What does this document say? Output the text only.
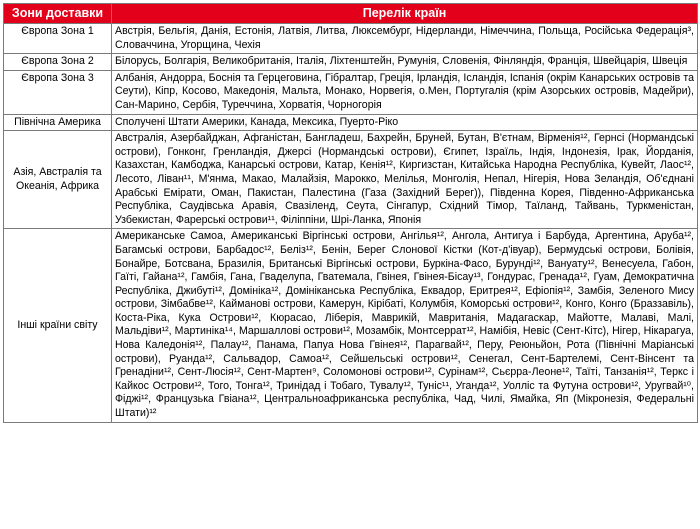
Зони доставки	Перелік країн
Європа Зона 1	Австрія, Бельгія, Данія, Естонія, Латвія, Литва, Люксембург, Нідерланди, Німеччина, Польща, Російська Федерація³, Словаччина, Угорщина, Чехія
Європа Зона 2	Білорусь, Болгарія, Великобританія, Італія, Ліхтенштейн, Румунія, Словенія, Фінляндія, Франція, Швейцарія, Швеція
Європа Зона 3	Албанія, Андорра, Боснія та Герцеговина, Гібралтар, Греція, Ірландія, Ісландія, Іспанія (окрім Канарських островів та Сеути), Кіпр, Косово, Македонія, Мальта, Монако, Норвегія, о.Мен, Португалія (крім Азорських островів, Мадейри), Сан-Марино, Сербія, Туреччина, Хорватія, Чорногорія
Північна Америка	Сполучені Штати Америки, Канада, Мексика, Пуерто-Ріко
Азія, Австралія та Океанія, Африка	Австралія, Азербайджан, Афганістан, Бангладеш, Бахрейн, Бруней, Бутан, В'єтнам, Вірменія¹², Гернсі (Нормандські острови), Гонконг, Гренландія, Джерсі (Нормандські острови), Єгипет, Ізраїль, Індія, Індонезія, Ірак, Йорданія, Казахстан, Камбоджа, Канарські острови, Катар, Кенія¹², Киргизстан, Китайська Народна Республіка, Кувейт, Лаос¹², Лесото, Ліван¹¹, М'янма, Макао, Малайзія, Марокко, Мелілья, Монголія, Непал, Нігерія, Нова Зеландія, Об'єднані Арабські Емірати, Оман, Пакистан, Палестина (Газа (Західний Берег)), Південна Корея, Південно-Африканська Республіка, Саудівська Аравія, Свазіленд, Сеута, Сінгапур, Східний Тімор, Таїланд, Тайвань, Туркменістан, Узбекистан, Фарерські острови¹¹, Філіппіни, Шрі-Ланка, Японія
Інші країни світу	Американське Самоа, Американські Віргінські острови, Ангілья¹², Ангола, Антигуа і Барбуда, Аргентина, Аруба¹², Багамські острови, Барбадос¹², Беліз¹², Бенін, Берег Слонової Кістки (Кот-д'івуар), Бермудські острови, Болівія, Бонайре, Ботсвана, Бразилія, Британські Віргінські острови, Буркіна-Фасо, Бурунді¹², Вануату¹², Венесуела, Габон, Гаїті, Гайана¹², Гамбія, Гана, Гваделупа, Гватемала, Гвінея, Гвінея-Бісау¹³, Гондурас, Гренада¹², Гуам, Демократична Республіка, Джибуті¹², Домініка¹², Домініканська Республіка, Еквадор, Еритрея¹², Ефіопія¹², Замбія, Зеленого Мису острови, Зімбабве¹², Кайманові острови, Камерун, Кірібаті, Колумбія, Коморські острови¹², Конго, Конго (Браззавіль), Коста-Ріка, Кука Острови¹², Кюрасао, Ліберія, Маврикій, Мавританія, Мадагаскар, Майотте, Малаві, Малі, Мальдіви¹², Мартиніка¹⁴, Маршаллові острови¹², Мозамбік, Монтсеррат¹², Намібія, Невіс (Сент-Кітс), Нігер, Нікарагуа, Нова Каледонія¹², Палау¹², Панама, Папуа Нова Гвінея¹², Парагвай¹², Перу, Реюньйон, Рота (Північні Маріанські острови), Руанда¹², Сальвадор, Самоа¹², Сейшельські острови¹², Сенегал, Сент-Бартелемі, Сент-Вінсент та Гренадіни¹², Сент-Люсія¹², Сент-Мартен⁹, Соломонові острови¹², Сурінам¹², Сьєрра-Леоне¹², Таїті, Танзанія¹², Теркс і Кайкос Острови¹², Того, Тонга¹², Тринідад і Тобаго, Тувалу¹², Туніс¹¹, Уганда¹², Уолліс та Футуна острови¹², Уругвай¹⁰, Фіджі¹², Французька Гвіана¹², Центральноафриканська республіка, Чад, Чилі, Ямайка, Яп (Мікронезія, Федеральні Штати)¹²
